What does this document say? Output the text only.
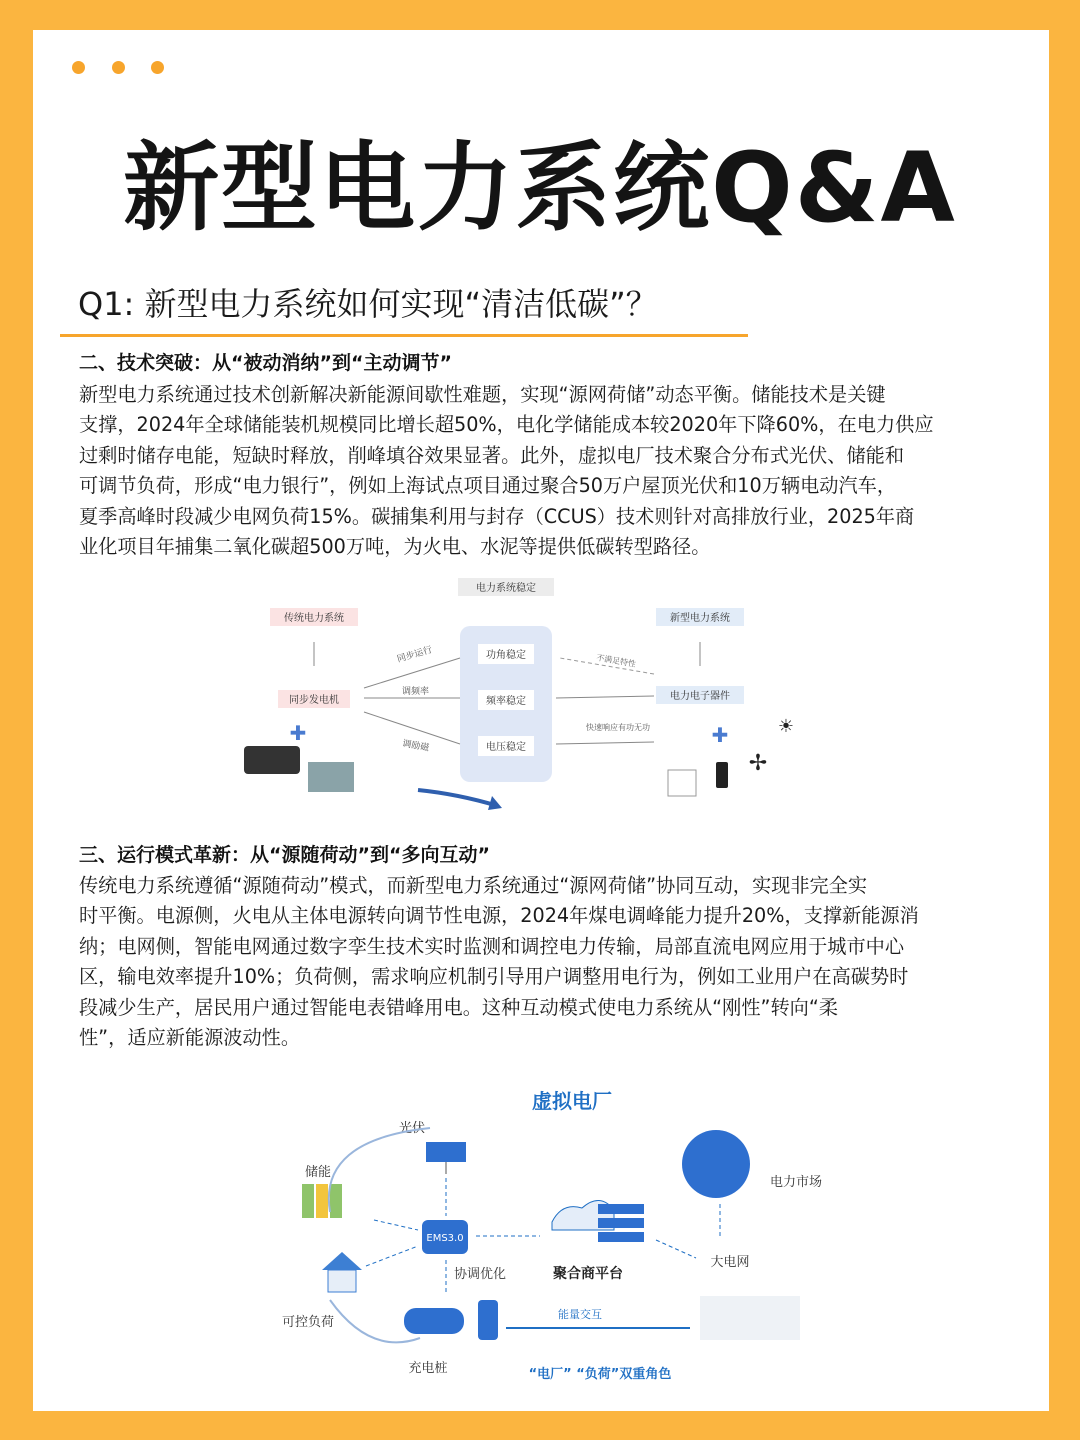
新型电力系统Q&A
Q1: 新型电力系统如何实现“清洁低碳”？
二、技术突破：从“被动消纳”到“主动调节”

新型电力系统通过技术创新解决新能源间歇性难题，实现“源网荷储”动态平衡。储能技术是关键

支撑，2024年全球储能装机规模同比增长超50%，电化学储能成本较2020年下降60%，在电力供应

过剩时储存电能，短缺时释放，削峰填谷效果显著。此外，虚拟电厂技术聚合分布式光伏、储能和

可调节负荷，形成“电力银行”，例如上海试点项目通过聚合50万户屋顶光伏和10万辆电动汽车，

夏季高峰时段减少电网负荷15%。碳捕集利用与封存（CCUS）技术则针对高排放行业，2025年商

业化项目年捕集二氧化碳超500万吨，为火电、水泥等提供低碳转型路径。

电力系统稳定
传统电力系统
同步发电机
✚
功角稳定
频率稳定
电压稳定
同步运行
调频率
调励磁
新型电力系统
电力电子器件
不满足特性
快速响应有功无功	✚	☀
✢
三、运行模式革新：从“源随荷动”到“多向互动”

传统电力系统遵循“源随荷动”模式，而新型电力系统通过“源网荷储”协同互动，实现非完全实

时平衡。电源侧，火电从主体电源转向调节性电源，2024年煤电调峰能力提升20%，支撑新能源消

纳；电网侧，智能电网通过数字孪生技术实时监测和调控电力传输，局部直流电网应用于城市中心

区，输电效率提升10%；负荷侧，需求响应机制引导用户调整用电行为，例如工业用户在高碳势时

段减少生产，居民用户通过智能电表错峰用电。这种互动模式使电力系统从“刚性”转向“柔

性”，适应新能源波动性。

虚拟电厂
光伏
储能
可控负荷
EMS3.0
协调优化	聚合商平台
电力市场
大电网
充电桩
能量交互
“电厂” “负荷”双重角色
